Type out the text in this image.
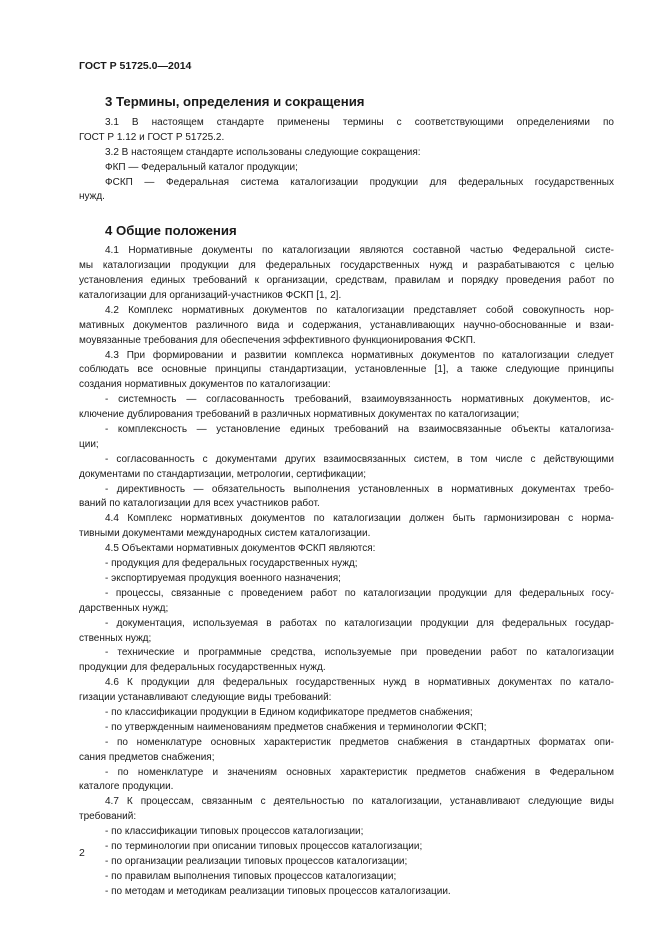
ГОСТ Р 51725.0—2014
3 Термины, определения и сокращения
3.1 В настоящем стандарте применены термины с соответствующими определениями по
ГОСТ Р 1.12 и ГОСТ Р 51725.2.
3.2 В настоящем стандарте использованы следующие сокращения:
ФКП — Федеральный каталог продукции;
ФСКП — Федеральная система каталогизации продукции для федеральных государственных
нужд.
4 Общие положения
4.1 Нормативные документы по каталогизации являются составной частью Федеральной систе-
мы каталогизации продукции для федеральных государственных нужд и разрабатываются с целью
установления единых требований к организации, средствам, правилам и порядку проведения работ по
каталогизации для организаций-участников ФСКП [1, 2].
4.2 Комплекс нормативных документов по каталогизации представляет собой совокупность нор-
мативных документов различного вида и содержания, устанавливающих научно-обоснованные и взаи-
моувязанные требования для обеспечения эффективного функционирования ФСКП.
4.3 При формировании и развитии комплекса нормативных документов по каталогизации следует
соблюдать все основные принципы стандартизации, установленные [1], а также следующие принципы
создания нормативных документов по каталогизации:
- системность — согласованность требований, взаимоувязанность нормативных документов, ис-
ключение дублирования требований в различных нормативных документах по каталогизации;
- комплексность — установление единых требований на взаимосвязанные объекты каталогиза-
ции;
- согласованность с документами других взаимосвязанных систем, в том числе с действующими
документами по стандартизации, метрологии, сертификации;
- директивность — обязательность выполнения установленных в нормативных документах требо-
ваний по каталогизации для всех участников работ.
4.4 Комплекс нормативных документов по каталогизации должен быть гармонизирован с норма-
тивными документами международных систем каталогизации.
4.5 Объектами нормативных документов ФСКП являются:
- продукция для федеральных государственных нужд;
- экспортируемая продукция военного назначения;
- процессы, связанные с проведением работ по каталогизации продукции для федеральных госу-
дарственных нужд;
- документация, используемая в работах по каталогизации продукции для федеральных государ-
ственных нужд;
- технические и программные средства, используемые при проведении работ по каталогизации
продукции для федеральных государственных нужд.
4.6 К продукции для федеральных государственных нужд в нормативных документах по катало-
гизации устанавливают следующие виды требований:
- по классификации продукции в Едином кодификаторе предметов снабжения;
- по утвержденным наименованиям предметов снабжения и терминологии ФСКП;
- по номенклатуре основных характеристик предметов снабжения в стандартных форматах опи-
сания предметов снабжения;
- по номенклатуре и значениям основных характеристик предметов снабжения в Федеральном
каталоге продукции.
4.7 К процессам, связанным с деятельностью по каталогизации, устанавливают следующие виды
требований:
- по классификации типовых процессов каталогизации;
- по терминологии при описании типовых процессов каталогизации;
- по организации реализации типовых процессов каталогизации;
- по правилам выполнения типовых процессов каталогизации;
- по методам и методикам реализации типовых процессов каталогизации.
2
